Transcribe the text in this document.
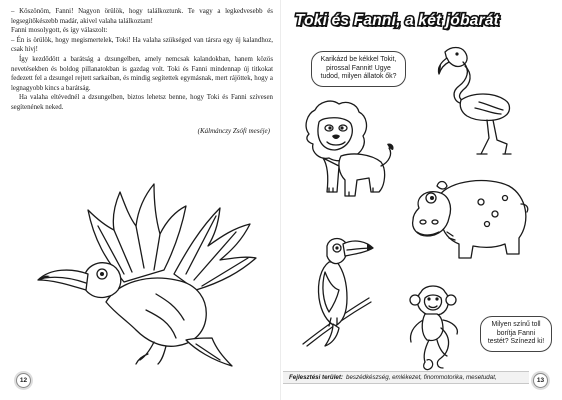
– Köszönöm, Fanni! Nagyon örülök, hogy találkoztunk. Te vagy a legkedvesebb és legsegítőkészebb madár, akivel valaha találkoztam!

Fanni mosolygott, és így válaszolt:

– Én is örülök, hogy megismertelek, Toki! Ha valaha szükséged van társra egy új kalandhoz, csak hívj!

Így kezdődött a barátság a dzsungelben, amely nemcsak kalandokban, hanem közös nevetésekben és boldog pillanatokban is gazdag volt. Toki és Fanni mindennap új titkokat fedezett fel a dzsungel rejtett sarkaiban, és mindig segítettek egymásnak, mert rájöttek, hogy a legnagyobb kincs a barátság.

Ha valaha eltévednél a dzsungelben, biztos lehetsz benne, hogy Toki és Fanni szívesen segítenének neked.

(Kálmánczy Zsófi meséje)
12
Toki és Fanni, a két jóbarát
Karikázd be kékkel Tokit, pirossal Fannit! Ugye tudod, milyen állatok ők?
Milyen színű toll borítja Fanni testét? Színezd ki!
13
Fejlesztési terület: beszédkészség, emlékezet, finommotorika, mesetudat,
